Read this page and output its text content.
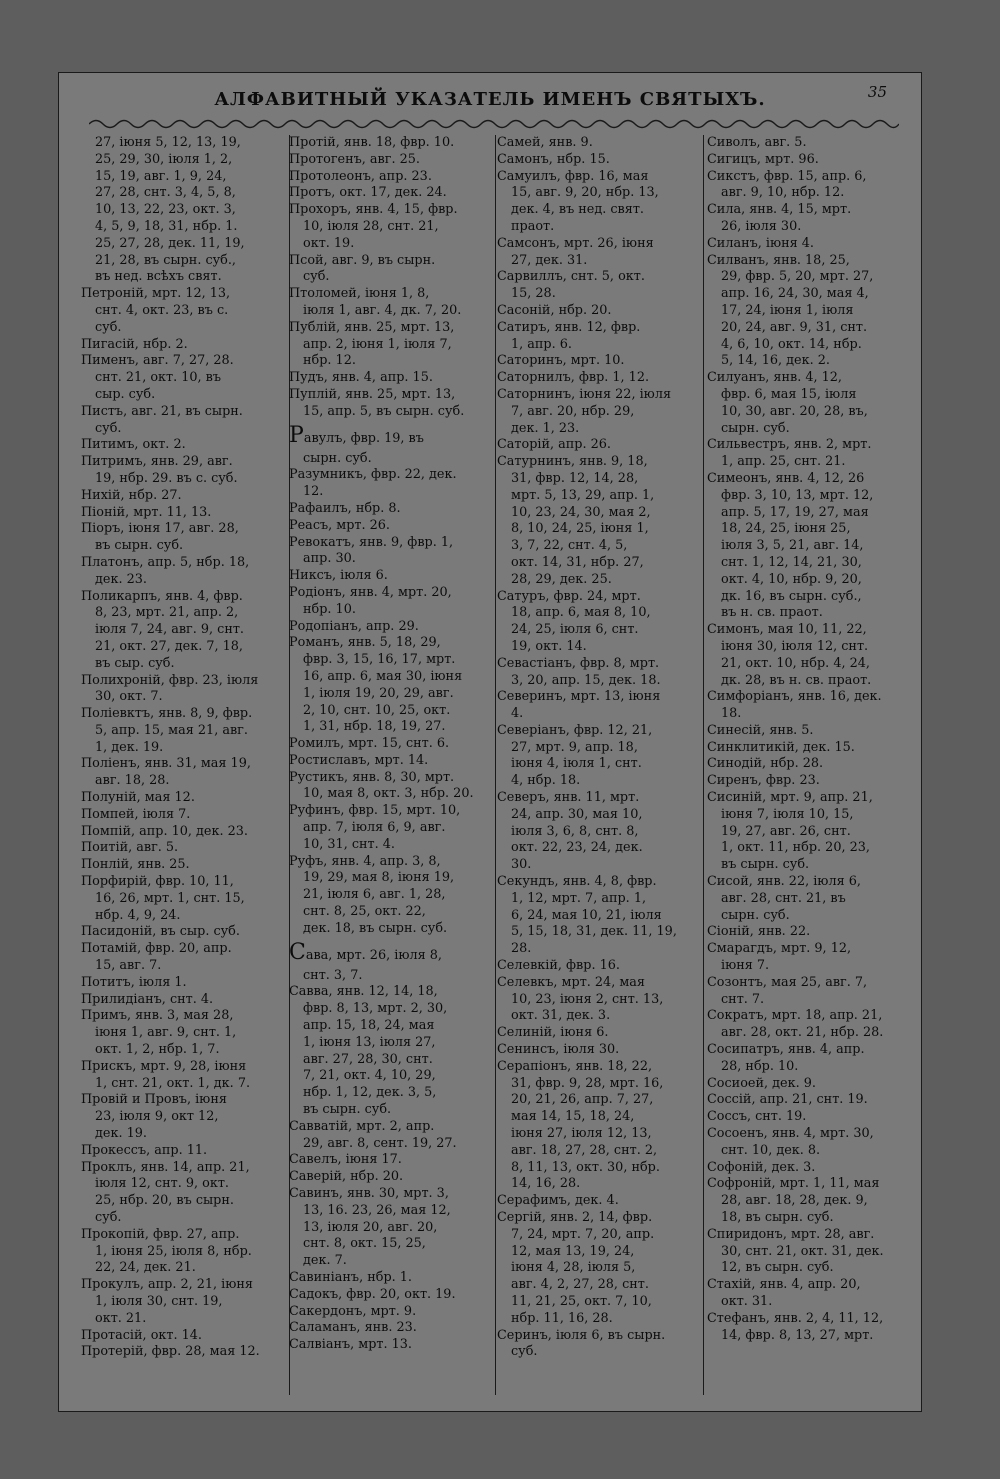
АЛФАВИТНЫЙ УКАЗАТЕЛЬ ИМЕНЪ СВЯТЫХЪ.	35
27, іюня 5, 12, 13, 19,
25, 29, 30, іюля 1, 2,
15, 19, авг. 1, 9, 24,
27, 28, снт. 3, 4, 5, 8,
10, 13, 22, 23, окт. 3,
4, 5, 9, 18, 31, нбр. 1.
25, 27, 28, дек. 11, 19,
21, 28, въ сырн. суб.,
въ нед. всѣхъ свят.
Петроній, мрт. 12, 13,
снт. 4, окт. 23, въ с.
суб.
Пигасій, нбр. 2.
Пименъ, авг. 7, 27, 28.
снт. 21, окт. 10, въ
сыр. суб.
Пистъ, авг. 21, въ сырн.
суб.
Питимъ, окт. 2.
Питримъ, янв. 29, авг.
19, нбр. 29. въ с. суб.
Нихій, нбр. 27.
Піоній, мрт. 11, 13.
Піоръ, іюня 17, авг. 28,
въ сырн. суб.
Платонъ, апр. 5, нбр. 18,
дек. 23.
Поликарпъ, янв. 4, фвр.
8, 23, мрт. 21, апр. 2,
іюля 7, 24, авг. 9, снт.
21, окт. 27, дек. 7, 18,
въ сыр. суб.
Полихроній, фвр. 23, іюля
30, окт. 7.
Поліевктъ, янв. 8, 9, фвр.
5, апр. 15, мая 21, авг.
1, дек. 19.
Поліенъ, янв. 31, мая 19,
авг. 18, 28.
Полуній, мая 12.
Помпей, іюля 7.
Помпій, апр. 10, дек. 23.
Поитій, авг. 5.
Понлій, янв. 25.
Порфирій, фвр. 10, 11,
16, 26, мрт. 1, снт. 15,
нбр. 4, 9, 24.
Пасидоній, въ сыр. суб.
Потамій, фвр. 20, апр.
15, авг. 7.
Потитъ, іюля 1.
Прилидіанъ, снт. 4.
Примъ, янв. 3, мая 28,
іюня 1, авг. 9, снт. 1,
окт. 1, 2, нбр. 1, 7.
Прискъ, мрт. 9, 28, іюня
1, снт. 21, окт. 1, дк. 7.
Провій и Провъ, іюня
23, іюля 9, окт 12,
дек. 19.
Прокессъ, апр. 11.
Проклъ, янв. 14, апр. 21,
іюля 12, снт. 9, окт.
25, нбр. 20, въ сырн.
суб.
Прокопій, фвр. 27, апр.
1, іюня 25, іюля 8, нбр.
22, 24, дек. 21.
Прокулъ, апр. 2, 21, іюня
1, іюля 30, снт. 19,
окт. 21.
Протасій, окт. 14.
Протерій, фвр. 28, мая 12.
Протій, янв. 18, фвр. 10.
Протогенъ, авг. 25.
Протолеонъ, апр. 23.
Протъ, окт. 17, дек. 24.
Прохоръ, янв. 4, 15, фвр.
10, іюля 28, снт. 21,
окт. 19.
Псой, авг. 9, въ сырн.
суб.
Птоломей, іюня 1, 8,
іюля 1, авг. 4, дк. 7, 20.
Публій, янв. 25, мрт. 13,
апр. 2, іюня 1, іюля 7,
нбр. 12.
Пудъ, янв. 4, апр. 15.
Пуплій, янв. 25, мрт. 13,
15, апр. 5, въ сырн. суб.
Равулъ, фвр. 19, въ
сырн. суб.
Разумникъ, фвр. 22, дек.
12.
Рафаилъ, нбр. 8.
Реасъ, мрт. 26.
Ревокатъ, янв. 9, фвр. 1,
апр. 30.
Никсъ, іюля 6.
Родіонъ, янв. 4, мрт. 20,
нбр. 10.
Родопіанъ, апр. 29.
Романъ, янв. 5, 18, 29,
фвр. 3, 15, 16, 17, мрт.
16, апр. 6, мая 30, іюня
1, іюля 19, 20, 29, авг.
2, 10, снт. 10, 25, окт.
1, 31, нбр. 18, 19, 27.
Ромилъ, мрт. 15, снт. 6.
Ростиславъ, мрт. 14.
Рустикъ, янв. 8, 30, мрт.
10, мая 8, окт. 3, нбр. 20.
Руфинъ, фвр. 15, мрт. 10,
апр. 7, іюля 6, 9, авг.
10, 31, снт. 4.
Руфъ, янв. 4, апр. 3, 8,
19, 29, мая 8, іюня 19,
21, іюля 6, авг. 1, 28,
снт. 8, 25, окт. 22,
дек. 18, въ сырн. суб.
Сава, мрт. 26, іюля 8,
снт. 3, 7.
Савва, янв. 12, 14, 18,
фвр. 8, 13, мрт. 2, 30,
апр. 15, 18, 24, мая
1, іюня 13, іюля 27,
авг. 27, 28, 30, снт.
7, 21, окт. 4, 10, 29,
нбр. 1, 12, дек. 3, 5,
въ сырн. суб.
Савватій, мрт. 2, апр.
29, авг. 8, сент. 19, 27.
Савелъ, іюня 17.
Саверій, нбр. 20.
Савинъ, янв. 30, мрт. 3,
13, 16. 23, 26, мая 12,
13, іюля 20, авг. 20,
снт. 8, окт. 15, 25,
дек. 7.
Савиніанъ, нбр. 1.
Садокъ, фвр. 20, окт. 19.
Сакердонъ, мрт. 9.
Саламанъ, янв. 23.
Салвіанъ, мрт. 13.
Самей, янв. 9.
Самонъ, нбр. 15.
Самуилъ, фвр. 16, мая
15, авг. 9, 20, нбр. 13,
дек. 4, въ нед. свят.
праот.
Самсонъ, мрт. 26, іюня
27, дек. 31.
Сарвиллъ, снт. 5, окт.
15, 28.
Сасоній, нбр. 20.
Сатиръ, янв. 12, фвр.
1, апр. 6.
Саторинъ, мрт. 10.
Саторнилъ, фвр. 1, 12.
Саторнинъ, іюня 22, іюля
7, авг. 20, нбр. 29,
дек. 1, 23.
Саторій, апр. 26.
Сатурнинъ, янв. 9, 18,
31, фвр. 12, 14, 28,
мрт. 5, 13, 29, апр. 1,
10, 23, 24, 30, мая 2,
8, 10, 24, 25, іюня 1,
3, 7, 22, снт. 4, 5,
окт. 14, 31, нбр. 27,
28, 29, дек. 25.
Сатуръ, фвр. 24, мрт.
18, апр. 6, мая 8, 10,
24, 25, іюля 6, снт.
19, окт. 14.
Севастіанъ, фвр. 8, мрт.
3, 20, апр. 15, дек. 18.
Северинъ, мрт. 13, іюня
4.
Северіанъ, фвр. 12, 21,
27, мрт. 9, апр. 18,
іюня 4, іюля 1, снт.
4, нбр. 18.
Северъ, янв. 11, мрт.
24, апр. 30, мая 10,
іюля 3, 6, 8, снт. 8,
окт. 22, 23, 24, дек.
30.
Секундъ, янв. 4, 8, фвр.
1, 12, мрт. 7, апр. 1,
6, 24, мая 10, 21, іюля
5, 15, 18, 31, дек. 11, 19,
28.
Селевкій, фвр. 16.
Селевкъ, мрт. 24, мая
10, 23, іюня 2, снт. 13,
окт. 31, дек. 3.
Селиній, іюня 6.
Сенинсъ, іюля 30.
Серапіонъ, янв. 18, 22,
31, фвр. 9, 28, мрт. 16,
20, 21, 26, апр. 7, 27,
мая 14, 15, 18, 24,
іюня 27, іюля 12, 13,
авг. 18, 27, 28, снт. 2,
8, 11, 13, окт. 30, нбр.
14, 16, 28.
Серафимъ, дек. 4.
Сергій, янв. 2, 14, фвр.
7, 24, мрт. 7, 20, апр.
12, мая 13, 19, 24,
іюня 4, 28, іюля 5,
авг. 4, 2, 27, 28, снт.
11, 21, 25, окт. 7, 10,
нбр. 11, 16, 28.
Серинъ, іюля 6, въ сырн.
суб.
Сиволъ, авг. 5.
Сигицъ, мрт. 96.
Сикстъ, фвр. 15, апр. 6,
авг. 9, 10, нбр. 12.
Сила, янв. 4, 15, мрт.
26, іюля 30.
Силанъ, іюня 4.
Силванъ, янв. 18, 25,
29, фвр. 5, 20, мрт. 27,
апр. 16, 24, 30, мая 4,
17, 24, іюня 1, іюля
20, 24, авг. 9, 31, снт.
4, 6, 10, окт. 14, нбр.
5, 14, 16, дек. 2.
Силуанъ, янв. 4, 12,
фвр. 6, мая 15, іюля
10, 30, авг. 20, 28, въ,
сырн. суб.
Сильвестръ, янв. 2, мрт.
1, апр. 25, снт. 21.
Симеонъ, янв. 4, 12, 26
фвр. 3, 10, 13, мрт. 12,
апр. 5, 17, 19, 27, мая
18, 24, 25, іюня 25,
іюля 3, 5, 21, авг. 14,
снт. 1, 12, 14, 21, 30,
окт. 4, 10, нбр. 9, 20,
дк. 16, въ сырн. суб.,
въ н. св. праот.
Симонъ, мая 10, 11, 22,
іюня 30, іюля 12, снт.
21, окт. 10, нбр. 4, 24,
дк. 28, въ н. св. праот.
Симфоріанъ, янв. 16, дек.
18.
Синесій, янв. 5.
Синклитикій, дек. 15.
Синодій, нбр. 28.
Сиренъ, фвр. 23.
Сисиній, мрт. 9, апр. 21,
іюня 7, іюля 10, 15,
19, 27, авг. 26, снт.
1, окт. 11, нбр. 20, 23,
въ сырн. суб.
Сисой, янв. 22, іюля 6,
авг. 28, снт. 21, въ
сырн. суб.
Сіоній, янв. 22.
Смарагдъ, мрт. 9, 12,
іюня 7.
Созонтъ, мая 25, авг. 7,
снт. 7.
Сократъ, мрт. 18, апр. 21,
авг. 28, окт. 21, нбр. 28.
Сосипатръ, янв. 4, апр.
28, нбр. 10.
Сосиоей, дек. 9.
Соссій, апр. 21, снт. 19.
Сосcъ, снт. 19.
Сосоенъ, янв. 4, мрт. 30,
снт. 10, дек. 8.
Софоній, дек. 3.
Софроній, мрт. 1, 11, мая
28, авг. 18, 28, дек. 9,
18, въ сырн. суб.
Спиридонъ, мрт. 28, авг.
30, снт. 21, окт. 31, дек.
12, въ сырн. суб.
Стахій, янв. 4, апр. 20,
окт. 31.
Стефанъ, янв. 2, 4, 11, 12,
14, фвр. 8, 13, 27, мрт.
